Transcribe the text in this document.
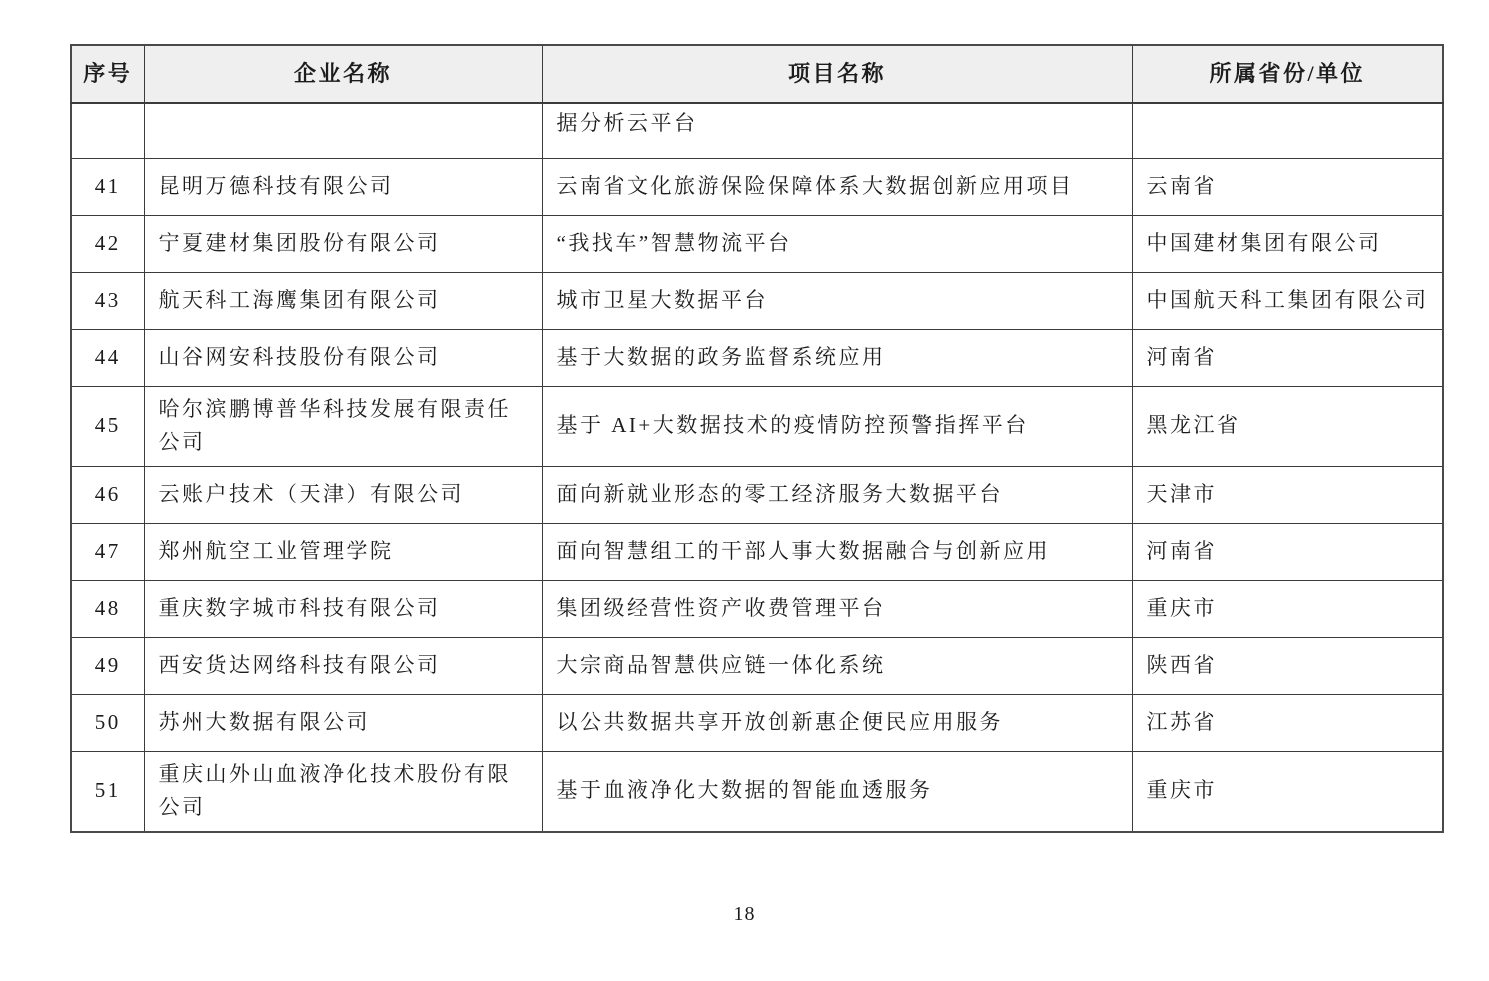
序号	企业名称	项目名称	所属省份/单位
		据分析云平台	
41	昆明万德科技有限公司	云南省文化旅游保险保障体系大数据创新应用项目	云南省
42	宁夏建材集团股份有限公司	“我找车”智慧物流平台	中国建材集团有限公司
43	航天科工海鹰集团有限公司	城市卫星大数据平台	中国航天科工集团有限公司
44	山谷网安科技股份有限公司	基于大数据的政务监督系统应用	河南省
45	哈尔滨鹏博普华科技发展有限责任公司	基于 AI+大数据技术的疫情防控预警指挥平台	黑龙江省
46	云账户技术（天津）有限公司	面向新就业形态的零工经济服务大数据平台	天津市
47	郑州航空工业管理学院	面向智慧组工的干部人事大数据融合与创新应用	河南省
48	重庆数字城市科技有限公司	集团级经营性资产收费管理平台	重庆市
49	西安货达网络科技有限公司	大宗商品智慧供应链一体化系统	陕西省
50	苏州大数据有限公司	以公共数据共享开放创新惠企便民应用服务	江苏省
51	重庆山外山血液净化技术股份有限公司	基于血液净化大数据的智能血透服务	重庆市
18
